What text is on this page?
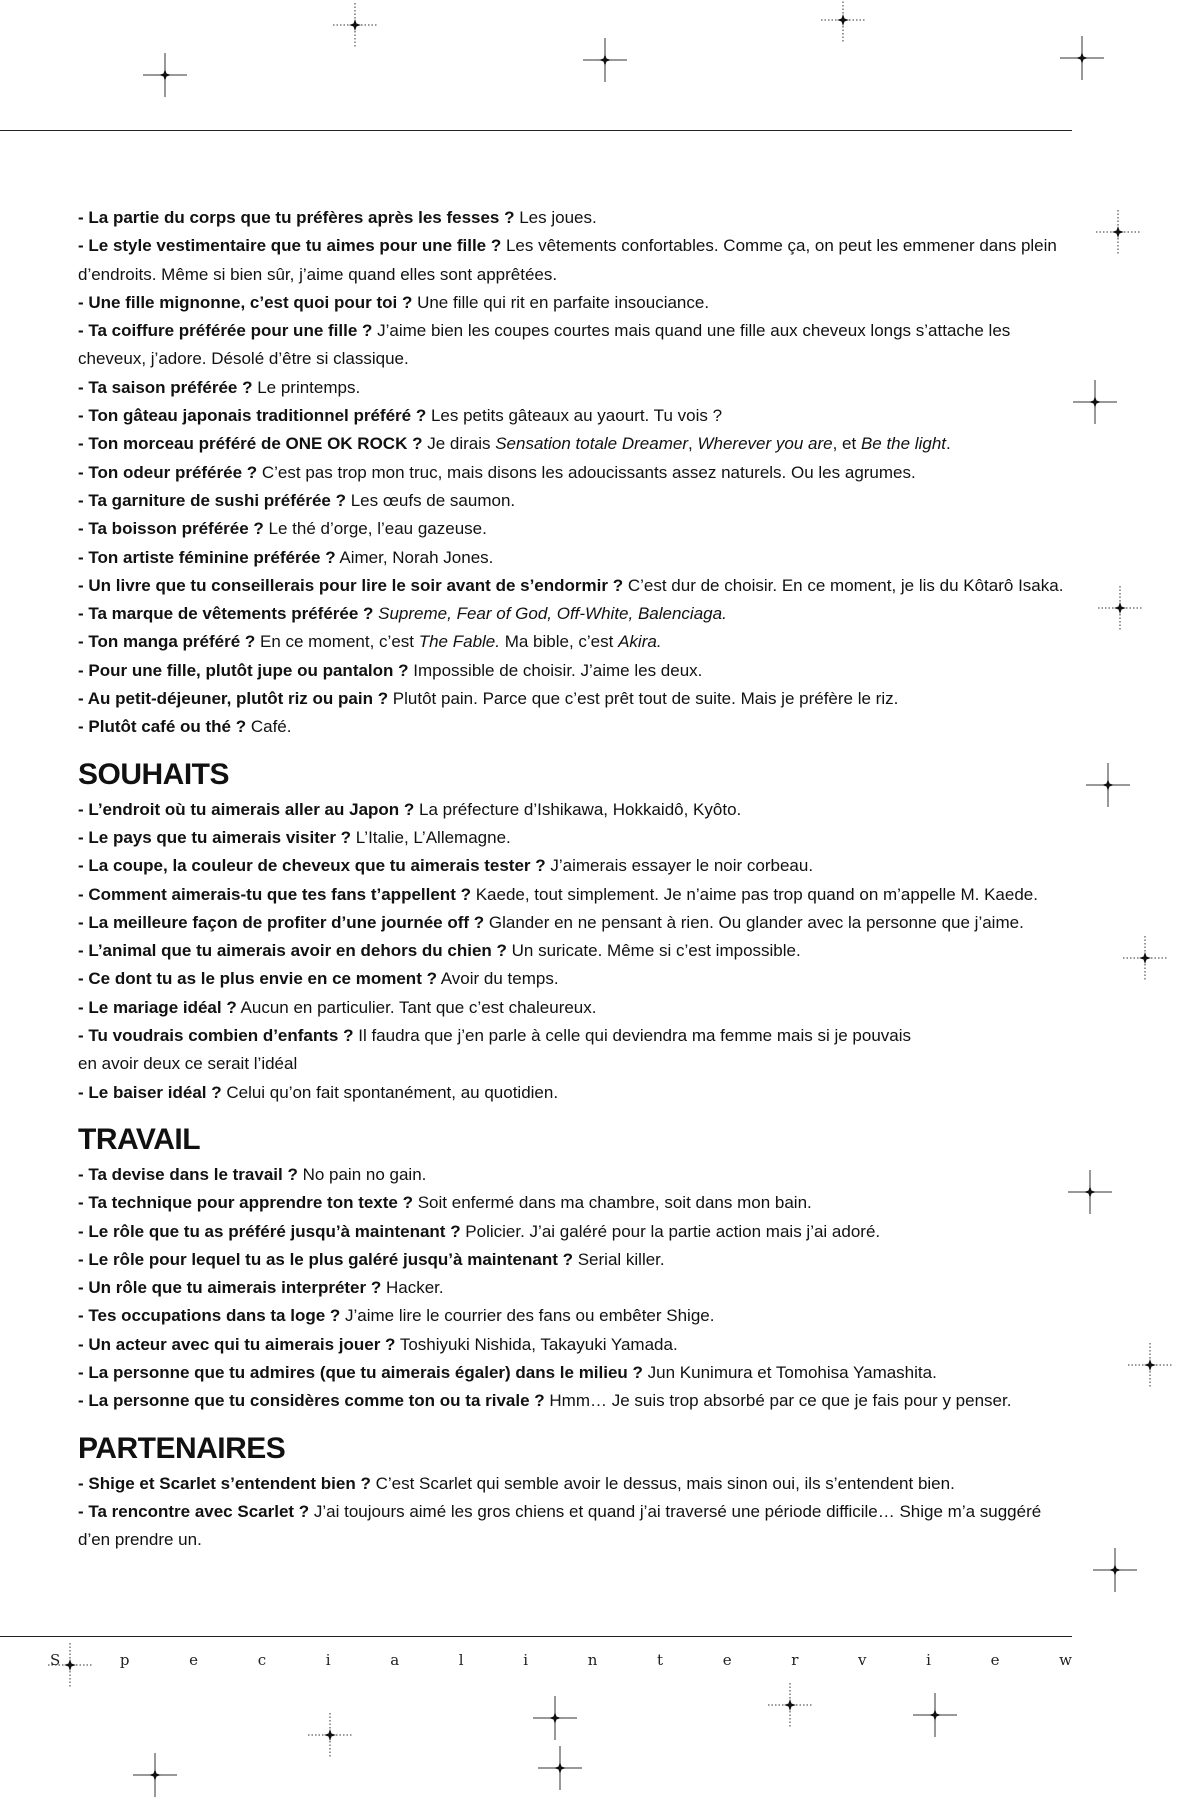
- La partie du corps que tu préfères après les fesses ? Les joues.

- Le style vestimentaire que tu aimes pour une fille ? Les vêtements confortables. Comme ça, on peut les emmener dans plein d’endroits. Même si bien sûr, j’aime quand elles sont apprêtées.

- Une fille mignonne, c’est quoi pour toi ? Une fille qui rit en parfaite insouciance.

- Ta coiffure préférée pour une fille ? J’aime bien les coupes courtes mais quand une fille aux cheveux longs s’attache les cheveux, j’adore. Désolé d’être si classique.

- Ta saison préférée ? Le printemps.

- Ton gâteau japonais traditionnel préféré ? Les petits gâteaux au yaourt. Tu vois ?

- Ton morceau préféré de ONE OK ROCK ? Je dirais Sensation totale Dreamer, Wherever you are, et Be the light.

- Ton odeur préférée ? C’est pas trop mon truc, mais disons les adoucissants assez naturels. Ou les agrumes.

- Ta garniture de sushi préférée ? Les œufs de saumon.

- Ta boisson préférée ? Le thé d’orge, l’eau gazeuse.

- Ton artiste féminine préférée ? Aimer, Norah Jones.

- Un livre que tu conseillerais pour lire le soir avant de s’endormir ? C’est dur de choisir. En ce moment, je lis du Kôtarô Isaka.

- Ta marque de vêtements préférée ? Supreme, Fear of God, Off-White, Balenciaga.

- Ton manga préféré ? En ce moment, c’est The Fable. Ma bible, c’est Akira.

- Pour une fille, plutôt jupe ou pantalon ? Impossible de choisir. J’aime les deux.

- Au petit-déjeuner, plutôt riz ou pain ? Plutôt pain. Parce que c’est prêt tout de suite. Mais je préfère le riz.

- Plutôt café ou thé ? Café.

SOUHAITS

- L’endroit où tu aimerais aller au Japon ? La préfecture d’Ishikawa, Hokkaidô, Kyôto.

- Le pays que tu aimerais visiter ? L’Italie, L’Allemagne.

- La coupe, la couleur de cheveux que tu aimerais tester ? J’aimerais essayer le noir corbeau.

- Comment aimerais-tu que tes fans t’appellent ? Kaede, tout simplement. Je n’aime pas trop quand on m’appelle M. Kaede.

- La meilleure façon de profiter d’une journée off ? Glander en ne pensant à rien. Ou glander avec la personne que j’aime.

- L’animal que tu aimerais avoir en dehors du chien ? Un suricate. Même si c’est impossible.

- Ce dont tu as le plus envie en ce moment ? Avoir du temps.

- Le mariage idéal ? Aucun en particulier. Tant que c’est chaleureux.

- Tu voudrais combien d’enfants ? Il faudra que j’en parle à celle qui deviendra ma femme mais si je pouvais
en avoir deux ce serait l’idéal

- Le baiser idéal ? Celui qu’on fait spontanément, au quotidien.

TRAVAIL

- Ta devise dans le travail ? No pain no gain.

- Ta technique pour apprendre ton texte ? Soit enfermé dans ma chambre, soit dans mon bain.

- Le rôle que tu as préféré jusqu’à maintenant ? Policier. J’ai galéré pour la partie action mais j’ai adoré.

- Le rôle pour lequel tu as le plus galéré jusqu’à maintenant ? Serial killer.

- Un rôle que tu aimerais interpréter ? Hacker.

- Tes occupations dans ta loge ? J’aime lire le courrier des fans ou embêter Shige.

- Un acteur avec qui tu aimerais jouer ? Toshiyuki Nishida, Takayuki Yamada.

- La personne que tu admires (que tu aimerais égaler) dans le milieu ? Jun Kunimura et Tomohisa Yamashita.

- La personne que tu considères comme ton ou ta rivale ? Hmm… Je suis trop absorbé par ce que je fais pour y penser.

PARTENAIRES

- Shige et Scarlet s’entendent bien ? C’est Scarlet qui semble avoir le dessus, mais sinon oui, ils s’entendent bien.

- Ta rencontre avec Scarlet ? J’ai toujours aimé les gros chiens et quand j’ai traversé une période difficile… Shige m’a suggéré d’en prendre un.

S	p	e	c	i	a	l	i	n	t	e	r	v	i	e	w
